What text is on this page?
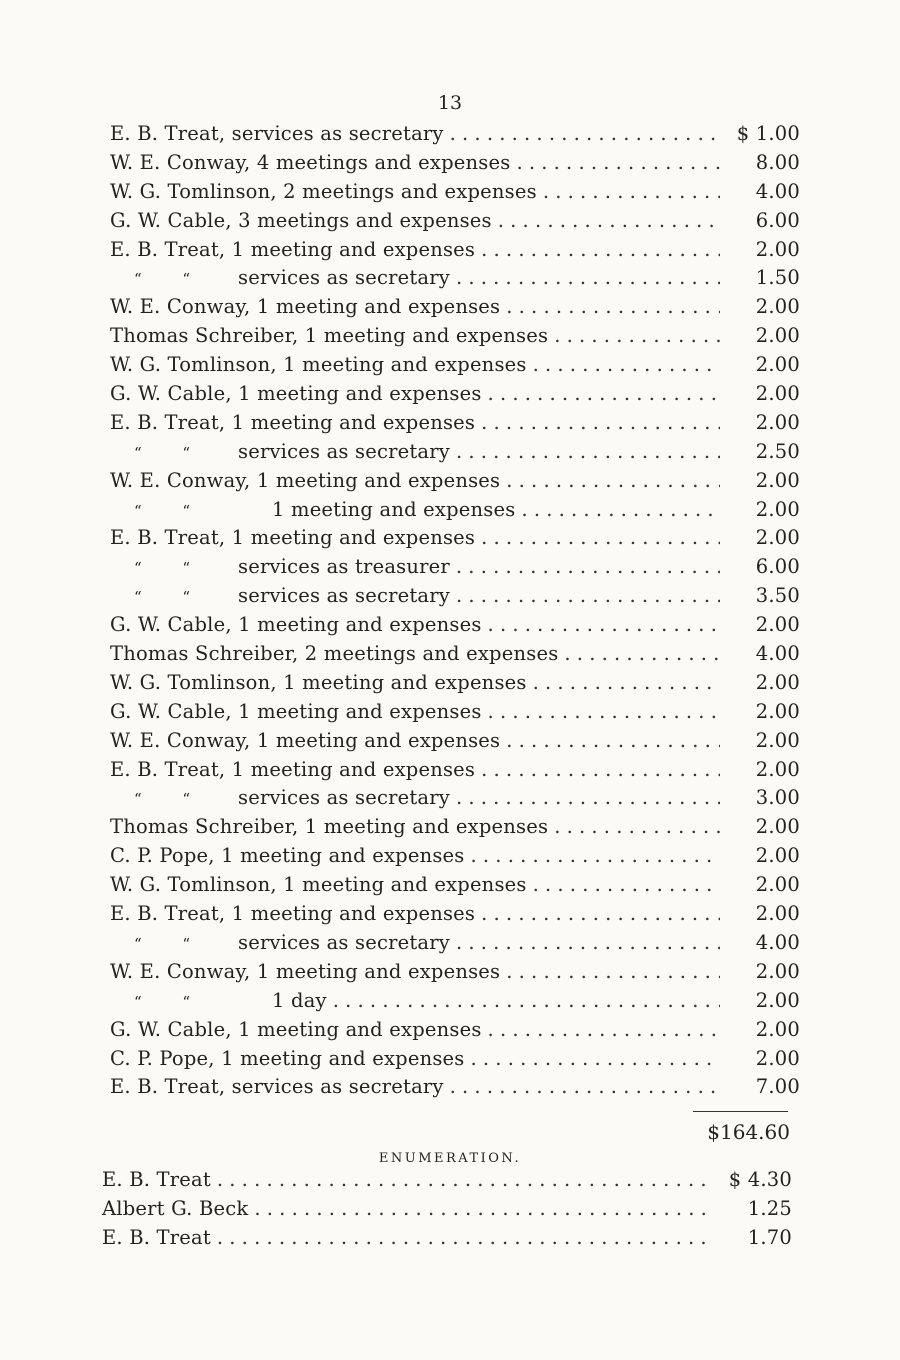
13
E. B. Treat, services as secretary . . .	$ 1.00
W. E. Conway, 4 meetings and expenses . . .	8.00
W. G. Tomlinson, 2 meetings and expenses . . .	4.00
G. W. Cable, 3 meetings and expenses . . .	6.00
E. B. Treat, 1 meeting and expenses . . .	2.00
“ “	services as secretary . . .	1.50
W. E. Conway, 1 meeting and expenses . . .	2.00
Thomas Schreiber, 1 meeting and expenses . . .	2.00
W. G. Tomlinson, 1 meeting and expenses . . .	2.00
G. W. Cable, 1 meeting and expenses . . .	2.00
E. B. Treat, 1 meeting and expenses . . .	2.00
“ “	services as secretary . . .	2.50
W. E. Conway, 1 meeting and expenses . . .	2.00
“ “	1 meeting and expenses . . .	2.00
E. B. Treat, 1 meeting and expenses . . .	2.00
“ “	services as treasurer . . .	6.00
“ “	services as secretary . . .	3.50
G. W. Cable, 1 meeting and expenses . . .	2.00
Thomas Schreiber, 2 meetings and expenses . . .	4.00
W. G. Tomlinson, 1 meeting and expenses . . .	2.00
G. W. Cable, 1 meeting and expenses . . .	2.00
W. E. Conway, 1 meeting and expenses . . .	2.00
E. B. Treat, 1 meeting and expenses . . .	2.00
“ “	services as secretary . . .	3.00
Thomas Schreiber, 1 meeting and expenses . . .	2.00
C. P. Pope, 1 meeting and expenses . . .	2.00
W. G. Tomlinson, 1 meeting and expenses . . .	2.00
E. B. Treat, 1 meeting and expenses . . .	2.00
“ “	services as secretary . . .	4.00
W. E. Conway, 1 meeting and expenses . . .	2.00
“ “	1 day . . .	2.00
G. W. Cable, 1 meeting and expenses . . .	2.00
C. P. Pope, 1 meeting and expenses . . .	2.00
E. B. Treat, services as secretary . . .	7.00
$164.60
ENUMERATION.
E. B. Treat . . .	$ 4.30
Albert G. Beck . . .	1.25
E. B. Treat . . .	1.70
